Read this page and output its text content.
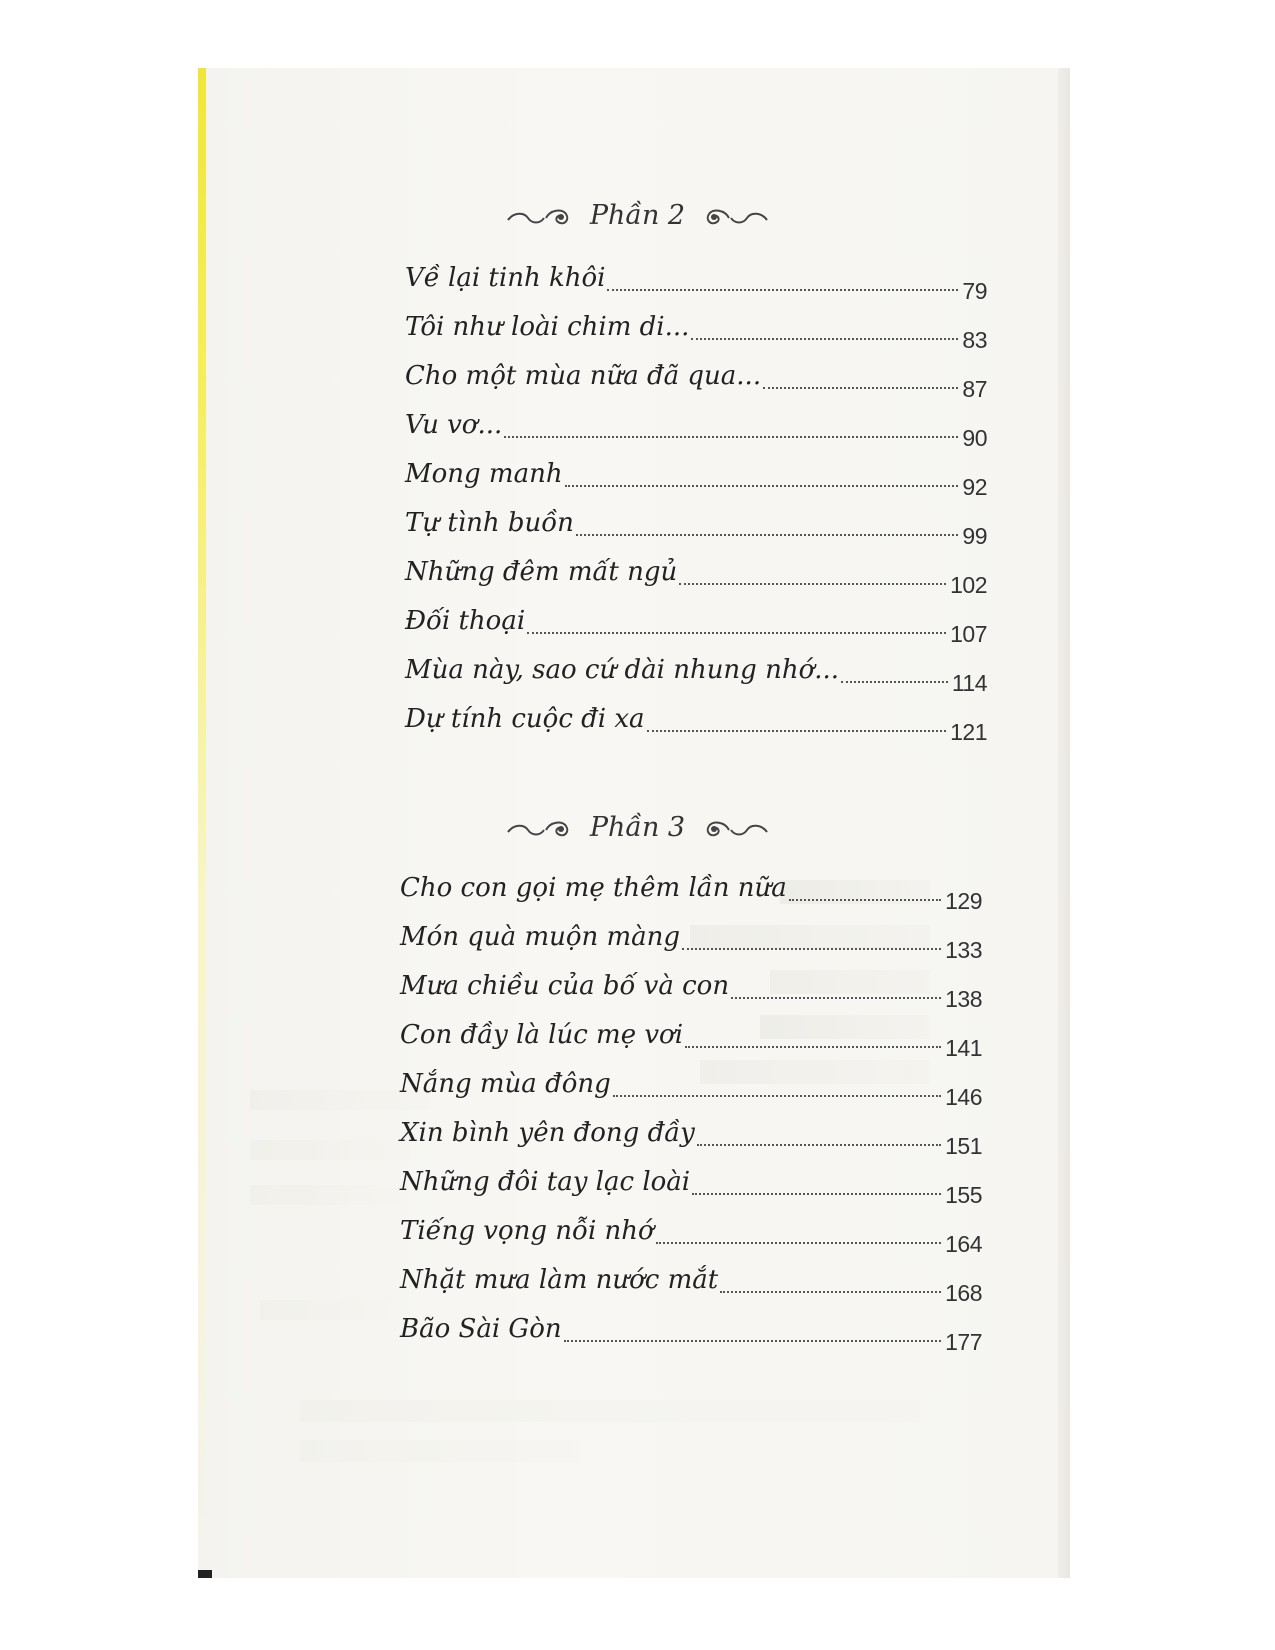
Phần 2
Về lại tinh khôi	79
Tôi như loài chim di...	83
Cho một mùa nữa đã qua...	87
Vu vơ...	90
Mong manh	92
Tự tình buồn	99
Những đêm mất ngủ	102
Đối thoại	107
Mùa này, sao cứ dài nhung nhớ...	114
Dự tính cuộc đi xa	121
Phần 3
Cho con gọi mẹ thêm lần nữa	129
Món quà muộn màng	133
Mưa chiều của bố và con	138
Con đầy là lúc mẹ vơi	141
Nắng mùa đông	146
Xin bình yên đong đầy	151
Những đôi tay lạc loài	155
Tiếng vọng nỗi nhớ	164
Nhặt mưa làm nước mắt	168
Bão Sài Gòn	177
